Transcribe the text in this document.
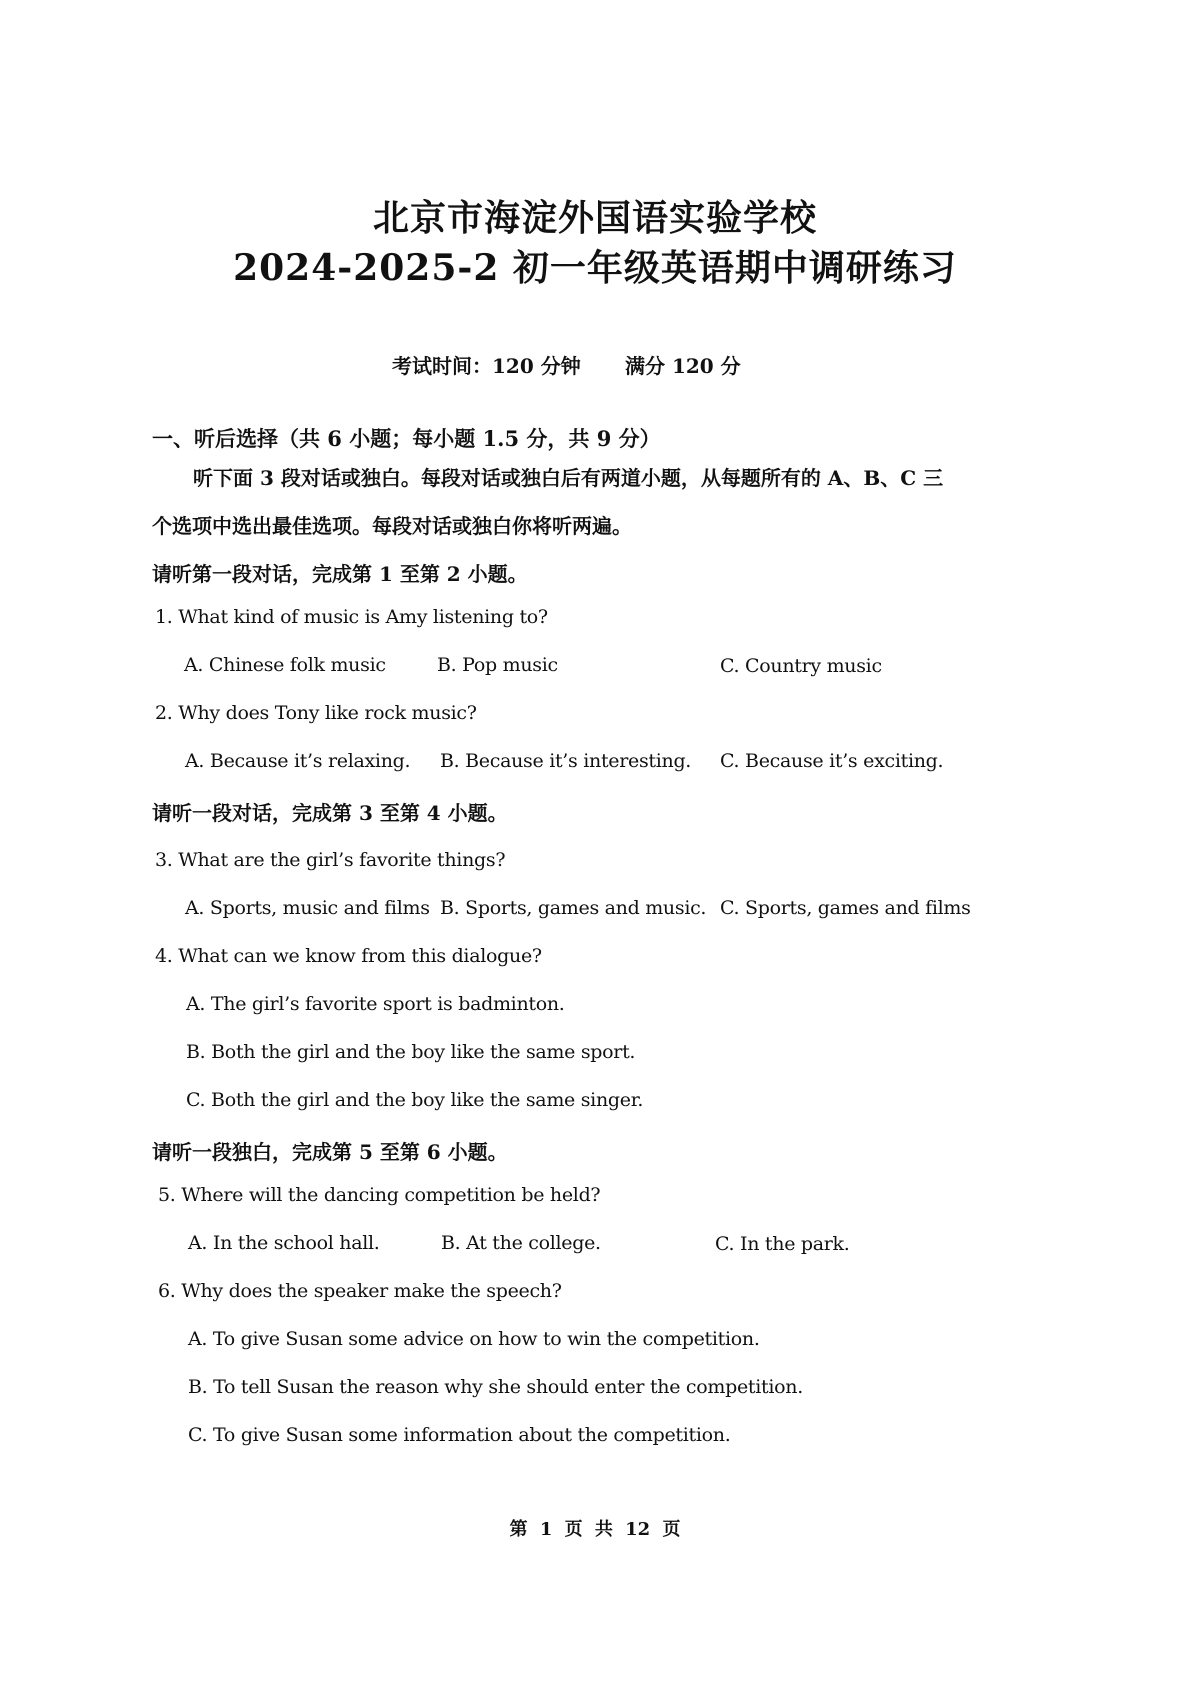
北京市海淀外国语实验学校
2024-2025-2 初一年级英语期中调研练习
考试时间：120 分钟 满分 120 分
一、听后选择（共 6 小题；每小题 1.5 分，共 9 分）
听下面 3 段对话或独白。每段对话或独白后有两道小题，从每题所有的 A、B、C 三
个选项中选出最佳选项。每段对话或独白你将听两遍。
请听第一段对话，完成第 1 至第 2 小题。
1. What kind of music is Amy listening to?
A. Chinese folk music	B. Pop music	C. Country music
2. Why does Tony like rock music?
A. Because it’s relaxing. B. Because it’s interesting. C. Because it’s exciting.
请听一段对话，完成第 3 至第 4 小题。
3. What are the girl’s favorite things?
A. Sports, music and films B. Sports, games and music. C. Sports, games and films
4. What can we know from this dialogue?
A. The girl’s favorite sport is badminton.
B. Both the girl and the boy like the same sport.
C. Both the girl and the boy like the same singer.
请听一段独白，完成第 5 至第 6 小题。
5. Where will the dancing competition be held?
A. In the school hall.	B. At the college.	C. In the park.
6. Why does the speaker make the speech?
A. To give Susan some advice on how to win the competition.
B. To tell Susan the reason why she should enter the competition.
C. To give Susan some information about the competition.
第 1 页 共 12 页
